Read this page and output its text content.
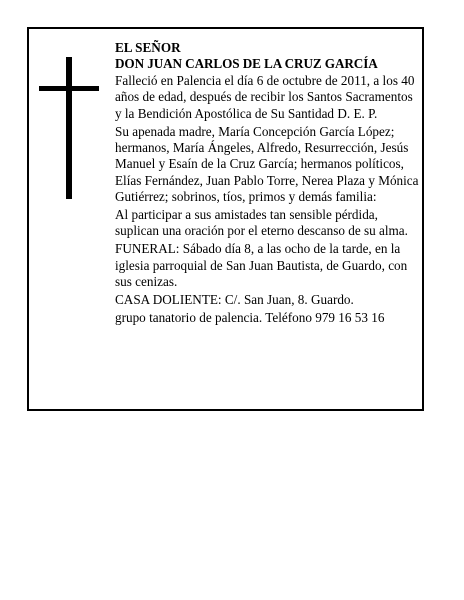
EL SEÑOR

DON JUAN CARLOS DE LA CRUZ GARCÍA

Falleció en Palencia el día 6 de octubre de 2011, a los 40 años de edad, después de recibir los Santos Sacramentos y la Bendición Apostólica de Su Santidad D. E. P.

Su apenada madre, María Concepción García López; hermanos, María Ángeles, Alfredo, Resurrección, Jesús Manuel y Esaín de la Cruz García; hermanos políticos, Elías Fernández, Juan Pablo Torre, Nerea Plaza y Mónica Gutiérrez; sobrinos, tíos, primos y demás familia:

Al participar a sus amistades tan sensible pérdida, suplican una oración por el eterno descanso de su alma.

FUNERAL: Sábado día 8, a las ocho de la tarde, en la iglesia parroquial de San Juan Bautista, de Guardo, con sus cenizas.

CASA DOLIENTE: C/. San Juan, 8. Guardo.

grupo tanatorio de palencia. Teléfono 979 16 53 16
